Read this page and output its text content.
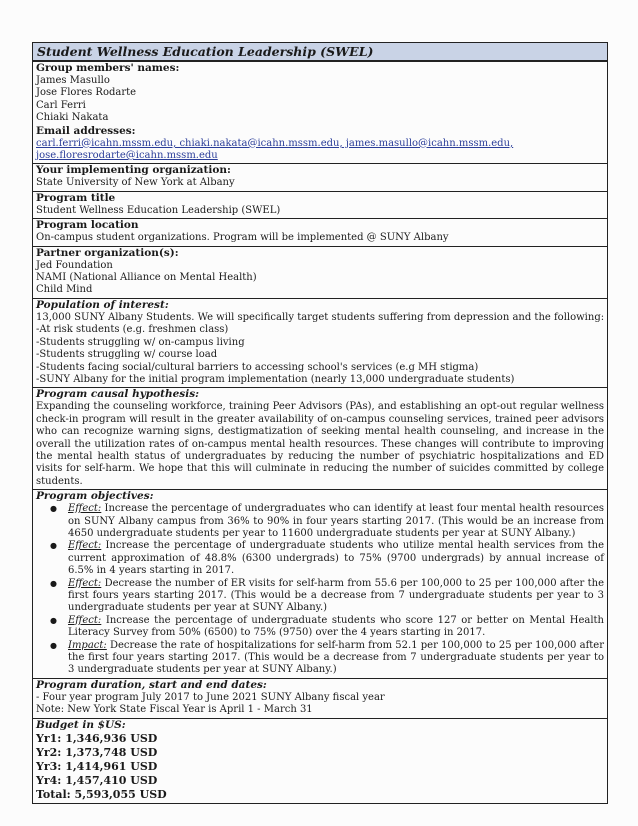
Student Wellness Education Leadership (SWEL)
Group members' names:
James Masullo
Jose Flores Rodarte
Carl Ferri
Chiaki Nakata
Email addresses:
carl.ferri@icahn.mssm.edu, chiaki.nakata@icahn.mssm.edu, james.masullo@icahn.mssm.edu,
jose.floresrodarte@icahn.mssm.edu
Your implementing organization:
State University of New York at Albany
Program title
Student Wellness Education Leadership (SWEL)
Program location
On-campus student organizations. Program will be implemented @ SUNY Albany
Partner organization(s):
Jed Foundation
NAMI (National Alliance on Mental Health)
Child Mind
Population of interest:
13,000 SUNY Albany Students. We will specifically target students suffering from depression and the following:
-At risk students (e.g. freshmen class)
-Students struggling w/ on-campus living
-Students struggling w/ course load
-Students facing social/cultural barriers to accessing school's services (e.g MH stigma)
-SUNY Albany for the initial program implementation (nearly 13,000 undergraduate students)
Program causal hypothesis:
Expanding the counseling workforce, training Peer Advisors (PAs), and establishing an opt-out regular wellness check-in program will result in the greater availability of on-campus counseling services, trained peer advisors who can recognize warning signs, destigmatization of seeking mental health counseling, and increase in the overall the utilization rates of on-campus mental health resources. These changes will contribute to improving the mental health status of undergraduates by reducing the number of psychiatric hospitalizations and ED visits for self-harm. We hope that this will culminate in reducing the number of suicides committed by college students.
Program objectives:
● Effect: Increase the percentage of undergraduates who can identify at least four mental health resources on SUNY Albany campus from 36% to 90% in four years starting 2017. (This would be an increase from 4650 undergraduate students per year to 11600 undergraduate students per year at SUNY Albany.)
● Effect: Increase the percentage of undergraduate students who utilize mental health services from the current approximation of 48.8% (6300 undergrads) to 75% (9700 undergrads) by annual increase of 6.5% in 4 years starting in 2017.
● Effect: Decrease the number of ER visits for self-harm from 55.6 per 100,000 to 25 per 100,000 after the first fours years starting 2017. (This would be a decrease from 7 undergraduate students per year to 3 undergraduate students per year at SUNY Albany.)
● Effect: Increase the percentage of undergraduate students who score 127 or better on Mental Health Literacy Survey from 50% (6500) to 75% (9750) over the 4 years starting in 2017.
● Impact: Decrease the rate of hospitalizations for self-harm from 52.1 per 100,000 to 25 per 100,000 after the first four years starting 2017. (This would be a decrease from 7 undergraduate students per year to 3 undergraduate students per year at SUNY Albany.)
Program duration, start and end dates:
- Four year program July 2017 to June 2021 SUNY Albany fiscal year
Note: New York State Fiscal Year is April 1 - March 31
Budget in $US:
Yr1: 1,346,936 USD
Yr2: 1,373,748 USD
Yr3: 1,414,961 USD
Yr4: 1,457,410 USD
Total: 5,593,055 USD
